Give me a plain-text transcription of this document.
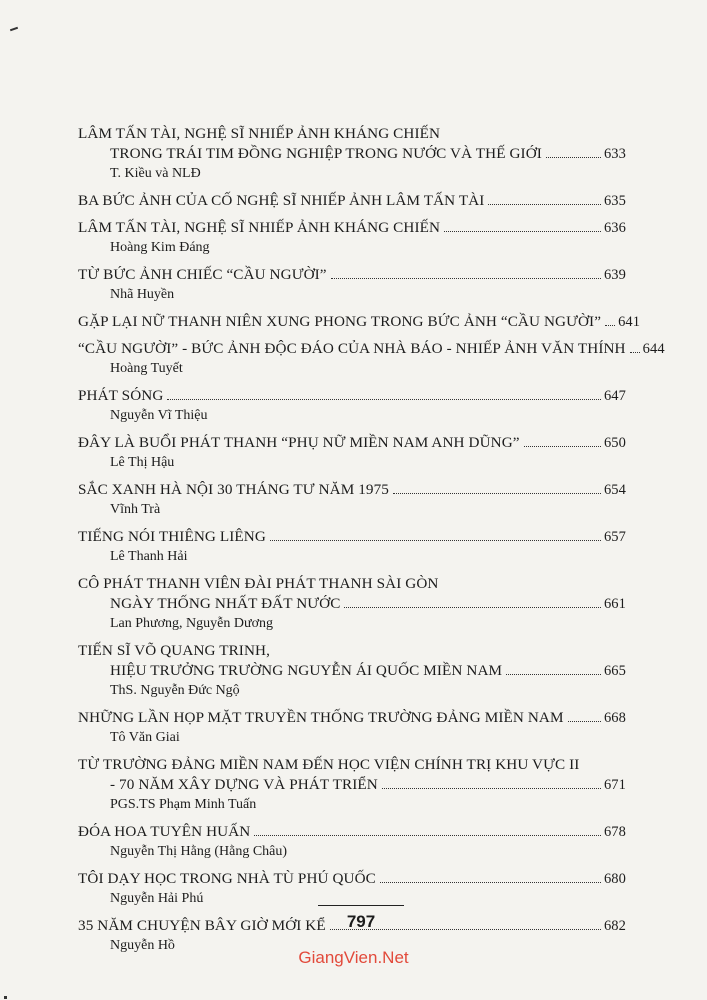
LÂM TẤN TÀI, NGHỆ SĨ NHIẾP ẢNH KHÁNG CHIẾN
TRONG TRÁI TIM ĐỒNG NGHIỆP TRONG NƯỚC VÀ THẾ GIỚI	633
T. Kiều và NLĐ
BA BỨC ẢNH CỦA CỐ NGHỆ SĨ NHIẾP ẢNH LÂM TẤN TÀI	635
LÂM TẤN TÀI, NGHỆ SĨ NHIẾP ẢNH KHÁNG CHIẾN	636
Hoàng Kim Đáng
TỪ BỨC ẢNH CHIẾC “CẦU NGƯỜI”	639
Nhã Huyền
GẶP LẠI NỮ THANH NIÊN XUNG PHONG TRONG BỨC ẢNH “CẦU NGƯỜI” 641
“CẦU NGƯỜI” - BỨC ẢNH ĐỘC ĐÁO CỦA NHÀ BÁO - NHIẾP ẢNH VĂN THÍNH 644
Hoàng Tuyết
PHÁT SÓNG	647
Nguyễn Vĩ Thiệu
ĐÂY LÀ BUỔI PHÁT THANH “PHỤ NỮ MIỀN NAM ANH DŨNG”	650
Lê Thị Hậu
SẮC XANH HÀ NỘI 30 THÁNG TƯ NĂM 1975	654
Vĩnh Trà
TIẾNG NÓI THIÊNG LIÊNG	657
Lê Thanh Hải
CÔ PHÁT THANH VIÊN ĐÀI PHÁT THANH SÀI GÒN
NGÀY THỐNG NHẤT ĐẤT NƯỚC	661
Lan Phương, Nguyễn Dương
TIẾN SĨ VÕ QUANG TRINH,
HIỆU TRƯỞNG TRƯỜNG NGUYỄN ÁI QUỐC MIỀN NAM	665
ThS. Nguyễn Đức Ngộ
NHỮNG LẦN HỌP MẶT TRUYỀN THỐNG TRƯỜNG ĐẢNG MIỀN NAM	668
Tô Văn Giai
TỪ TRƯỜNG ĐẢNG MIỀN NAM ĐẾN HỌC VIỆN CHÍNH TRỊ KHU VỰC II
- 70 NĂM XÂY DỰNG VÀ PHÁT TRIỂN	671
PGS.TS Phạm Minh Tuấn
ĐÓA HOA TUYÊN HUẤN	678
Nguyễn Thị Hằng (Hằng Châu)
TÔI DẠY HỌC TRONG NHÀ TÙ PHÚ QUỐC	680
Nguyễn Hải Phú
35 NĂM CHUYỆN BÂY GIỜ MỚI KỂ	682
Nguyễn Hồ
797
GiangVien.Net
